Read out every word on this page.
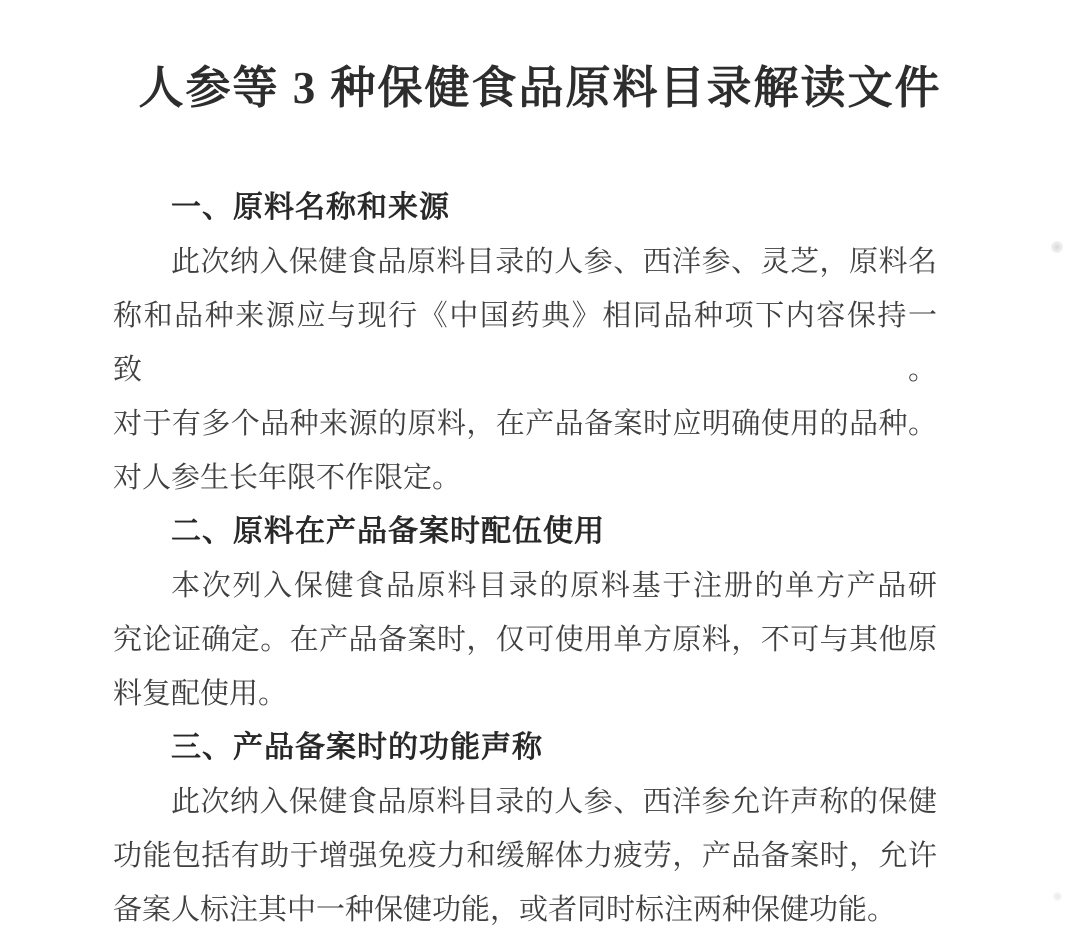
人参等 3 种保健食品原料目录解读文件
一、原料名称和来源
此次纳入保健食品原料目录的人参、西洋参、灵芝，原料名
称和品种来源应与现行《中国药典》相同品种项下内容保持一致。
对于有多个品种来源的原料，在产品备案时应明确使用的品种。
对人参生长年限不作限定。
二、原料在产品备案时配伍使用
本次列入保健食品原料目录的原料基于注册的单方产品研
究论证确定。在产品备案时，仅可使用单方原料，不可与其他原
料复配使用。
三、产品备案时的功能声称
此次纳入保健食品原料目录的人参、西洋参允许声称的保健
功能包括有助于增强免疫力和缓解体力疲劳，产品备案时，允许
备案人标注其中一种保健功能，或者同时标注两种保健功能。
